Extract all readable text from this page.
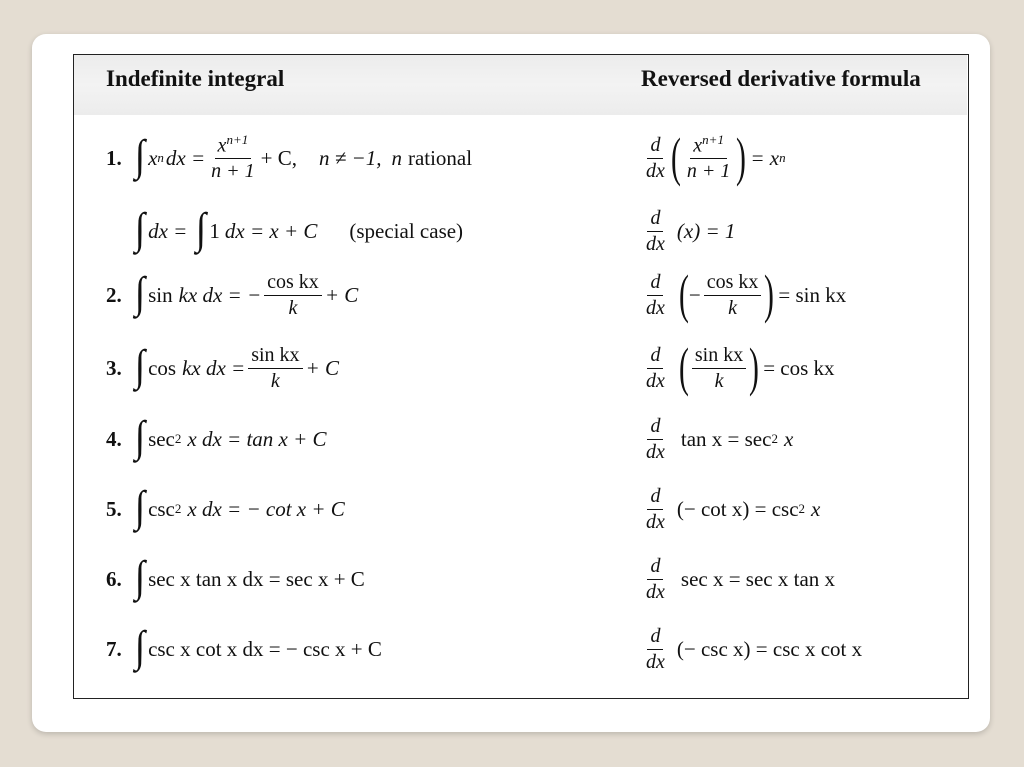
Indefinite integral	Reversed derivative formula
1. ∫ x n dx = $\frac{x^{n+1}}{n + 1} + C$, n ≠ −1, n rational	$\frac{d}{dx}$ ( $\frac{x^{n+1}}{n + 1}$ ) = x n
∫ dx = ∫ 1 dx = x + C (special case)	$\frac{d}{dx} (x) = 1$
2. ∫ sin kx dx = − $\frac{\text{cos kx}}{k} + C$	$\frac{d}{dx}$ ( − $\frac{\text{cos kx}}{k}$ ) = sin kx
3. ∫ cos kx dx = $\frac{\text{sin kx}}{k} + C$	$\frac{d}{dx}$ ( $\frac{\text{sin kx}}{k}$ ) = cos kx
4. ∫ sec 2 x dx = tan x + C	$\frac{d}{dx}$ tan x = sec 2 x
5. ∫ csc 2 x dx = − cot x + C	$\frac{d}{dx}$ (− cot x) = csc 2 x
6. ∫ sec x tan x dx = sec x + C	$\frac{d}{dx}$ sec x = sec x tan x
7. ∫ csc x cot x dx = − csc x + C	$\frac{d}{dx}$ (− csc x) = csc x cot x
